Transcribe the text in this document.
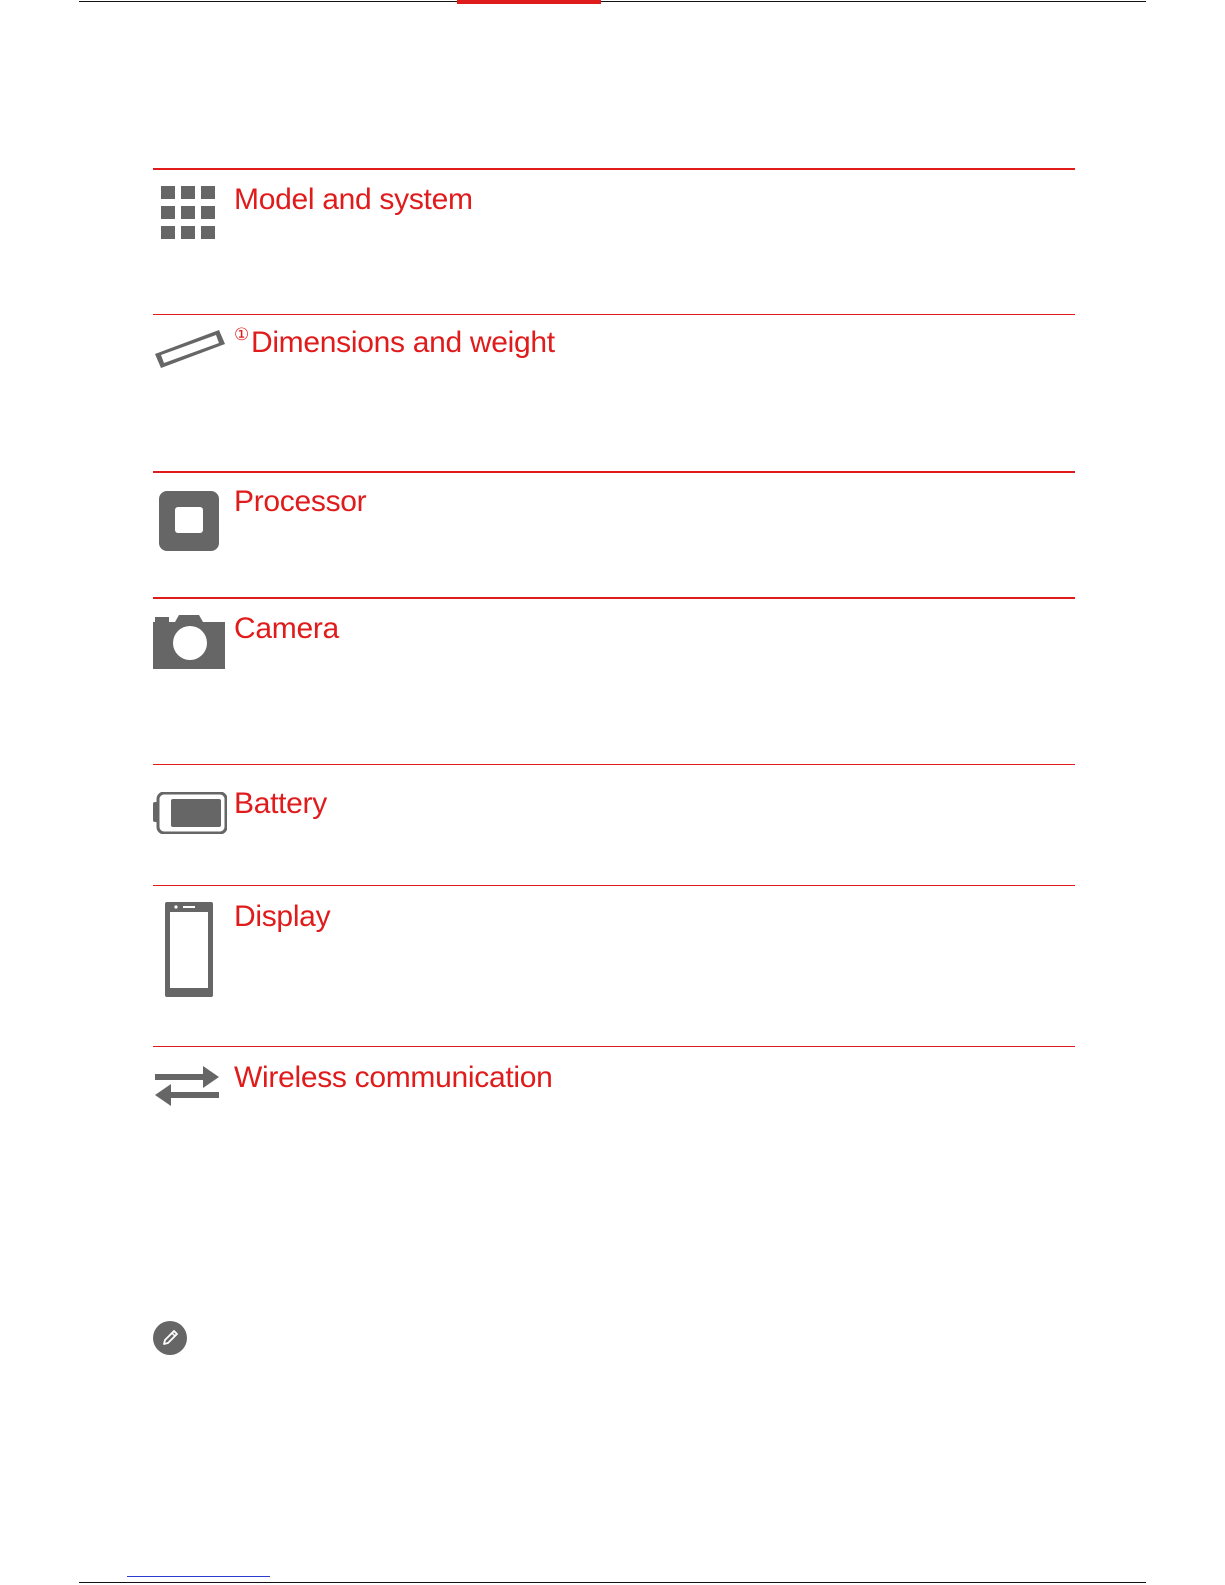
Model and system
①Dimensions and weight
Processor
Camera
Battery
Display
Wireless communication
